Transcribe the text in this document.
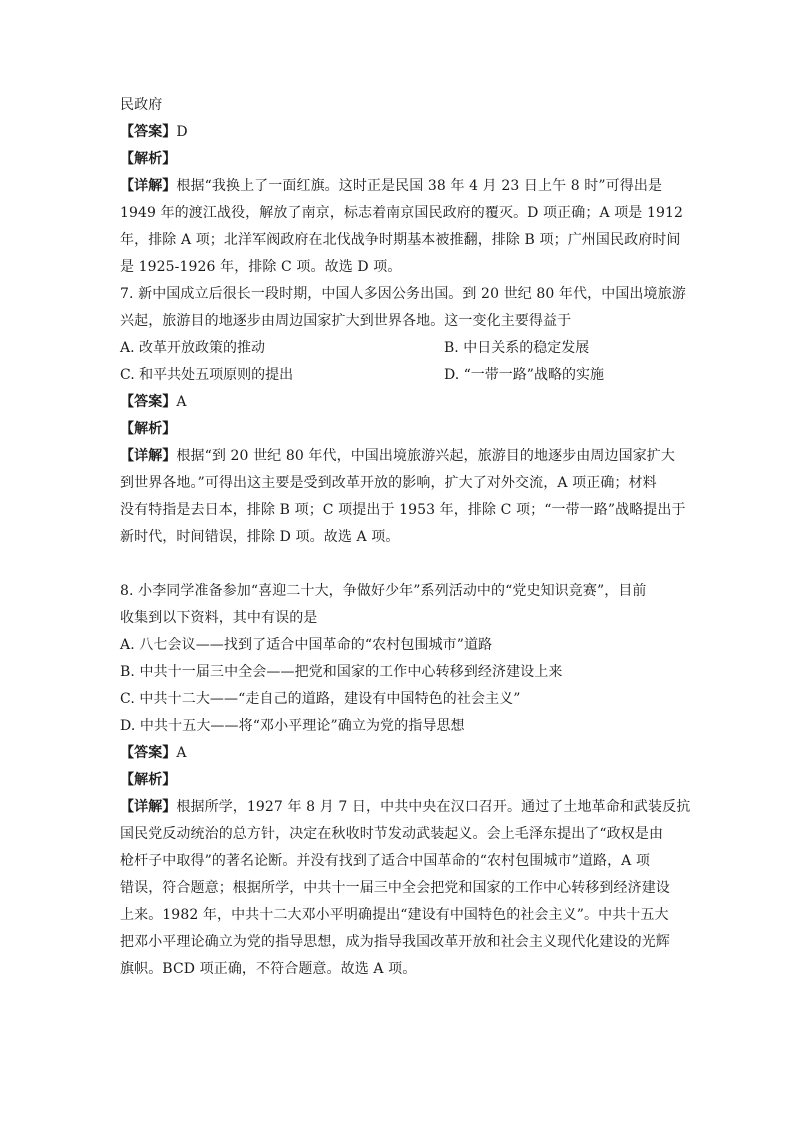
民政府
【答案】D
【解析】
【详解】根据“我换上了一面红旗。这时正是民国 38 年 4 月 23 日上午 8 时”可得出是
1949 年的渡江战役，解放了南京，标志着南京国民政府的覆灭。D 项正确；A 项是 1912
年，排除 A 项；北洋军阀政府在北伐战争时期基本被推翻，排除 B 项；广州国民政府时间
是 1925-1926 年，排除 C 项。故选 D 项。
7. 新中国成立后很长一段时期，中国人多因公务出国。到 20 世纪 80 年代，中国出境旅游
兴起，旅游目的地逐步由周边国家扩大到世界各地。这一变化主要得益于
A. 改革开放政策的推动	B. 中日关系的稳定发展
C. 和平共处五项原则的提出	D. “一带一路”战略的实施
【答案】A
【解析】
【详解】根据“到 20 世纪 80 年代，中国出境旅游兴起，旅游目的地逐步由周边国家扩大
到世界各地。”可得出这主要是受到改革开放的影响，扩大了对外交流，A 项正确；材料
没有特指是去日本，排除 B 项；C 项提出于 1953 年，排除 C 项；“一带一路”战略提出于
新时代，时间错误，排除 D 项。故选 A 项。
8. 小李同学准备参加“喜迎二十大，争做好少年”系列活动中的“党史知识竞赛”，目前
收集到以下资料，其中有误的是
A. 八七会议——找到了适合中国革命的“农村包围城市”道路
B. 中共十一届三中全会——把党和国家的工作中心转移到经济建设上来
C. 中共十二大——“走自己的道路，建设有中国特色的社会主义”
D. 中共十五大——将“邓小平理论”确立为党的指导思想
【答案】A
【解析】
【详解】根据所学，1927 年 8 月 7 日，中共中央在汉口召开。通过了土地革命和武装反抗
国民党反动统治的总方针，决定在秋收时节发动武装起义。会上毛泽东提出了“政权是由
枪杆子中取得”的著名论断。并没有找到了适合中国革命的“农村包围城市”道路，A 项
错误，符合题意；根据所学，中共十一届三中全会把党和国家的工作中心转移到经济建设
上来。1982 年，中共十二大邓小平明确提出“建设有中国特色的社会主义”。中共十五大
把邓小平理论确立为党的指导思想，成为指导我国改革开放和社会主义现代化建设的光辉
旗帜。BCD 项正确，不符合题意。故选 A 项。
